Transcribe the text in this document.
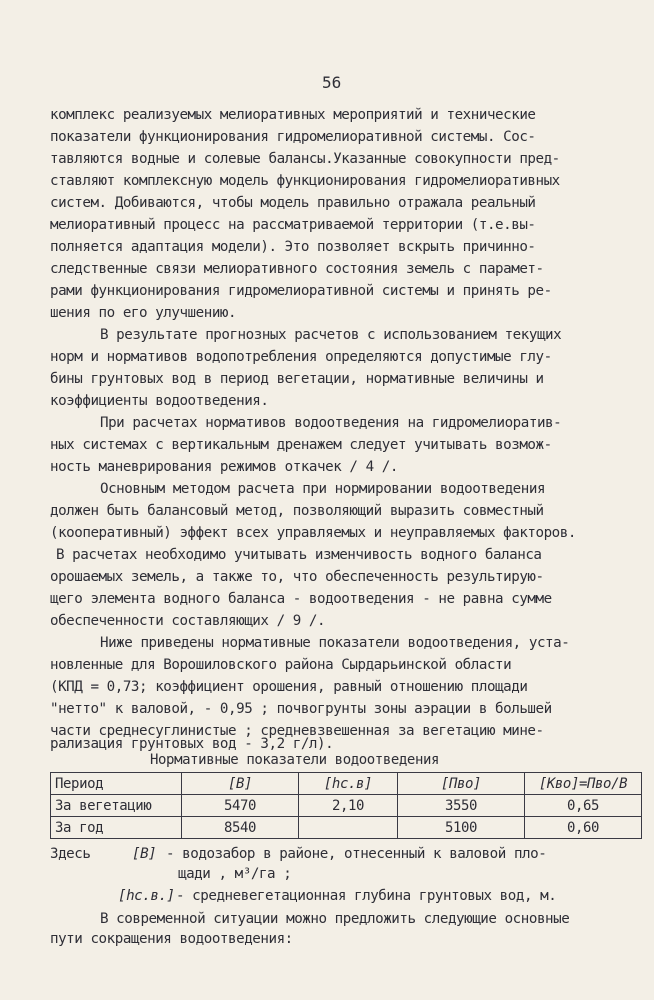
56
комплекс реализуемых мелиоративных мероприятий и технические
показатели функционирования гидромелиоративной системы. Сос-
тавляются водные и солевые балансы.Указанные совокупности пред-
ставляют комплексную модель функционирования гидромелиоративных
систем. Добиваются, чтобы модель правильно отражала реальный
мелиоративный процесс на рассматриваемой территории (т.е.вы-
полняется адаптация модели). Это позволяет вскрыть причинно-
следственные связи мелиоративного состояния земель с парамет-
рами функционирования гидромелиоративной системы и принять ре-
шения по его улучшению.
В результате прогнозных расчетов с использованием текущих
норм и нормативов водопотребления определяются допустимые глу-
бины грунтовых вод в период вегетации, нормативные величины и
коэффициенты водоотведения.
При расчетах нормативов водоотведения на гидромелиоратив-
ных системах с вертикальным дренажем следует учитывать возмож-
ность маневрирования режимов откачек / 4 /.
Основным методом расчета при нормировании водоотведения
должен быть балансовый метод, позволяющий выразить совместный
(кооперативный) эффект всех управляемых и неуправляемых факторов.
В расчетах необходимо учитывать изменчивость водного баланса
орошаемых земель, а также то, что обеспеченность результирую-
щего элемента водного баланса - водоотведения - не равна сумме
обеспеченности составляющих / 9 /.
Ниже приведены нормативные показатели водоотведения, уста-
новленные для Ворошиловского района Сырдарьинской области
(КПД = 0,73; коэффициент орошения, равный отношению площади
"нетто" к валовой, - 0,95 ; почвогрунты зоны аэрации в большей
части среднесуглинистые ; средневзвешенная за вегетацию мине-
рализация грунтовых вод - 3,2 г/л).
Нормативные показатели водоотведения
Период	[В]	[hс.в]	[Пво]	[Кво]=Пво/В
За вегетацию	5470	2,10	3550	0,65
За год	8540		5100	0,60
Здесь	[В] - водозабор в районе, отнесенный к валовой пло-
щади , м³/га ;
[hс.в.] - средневегетационная глубина грунтовых вод, м.
В современной ситуации можно предложить следующие основные
пути сокращения водоотведения:
